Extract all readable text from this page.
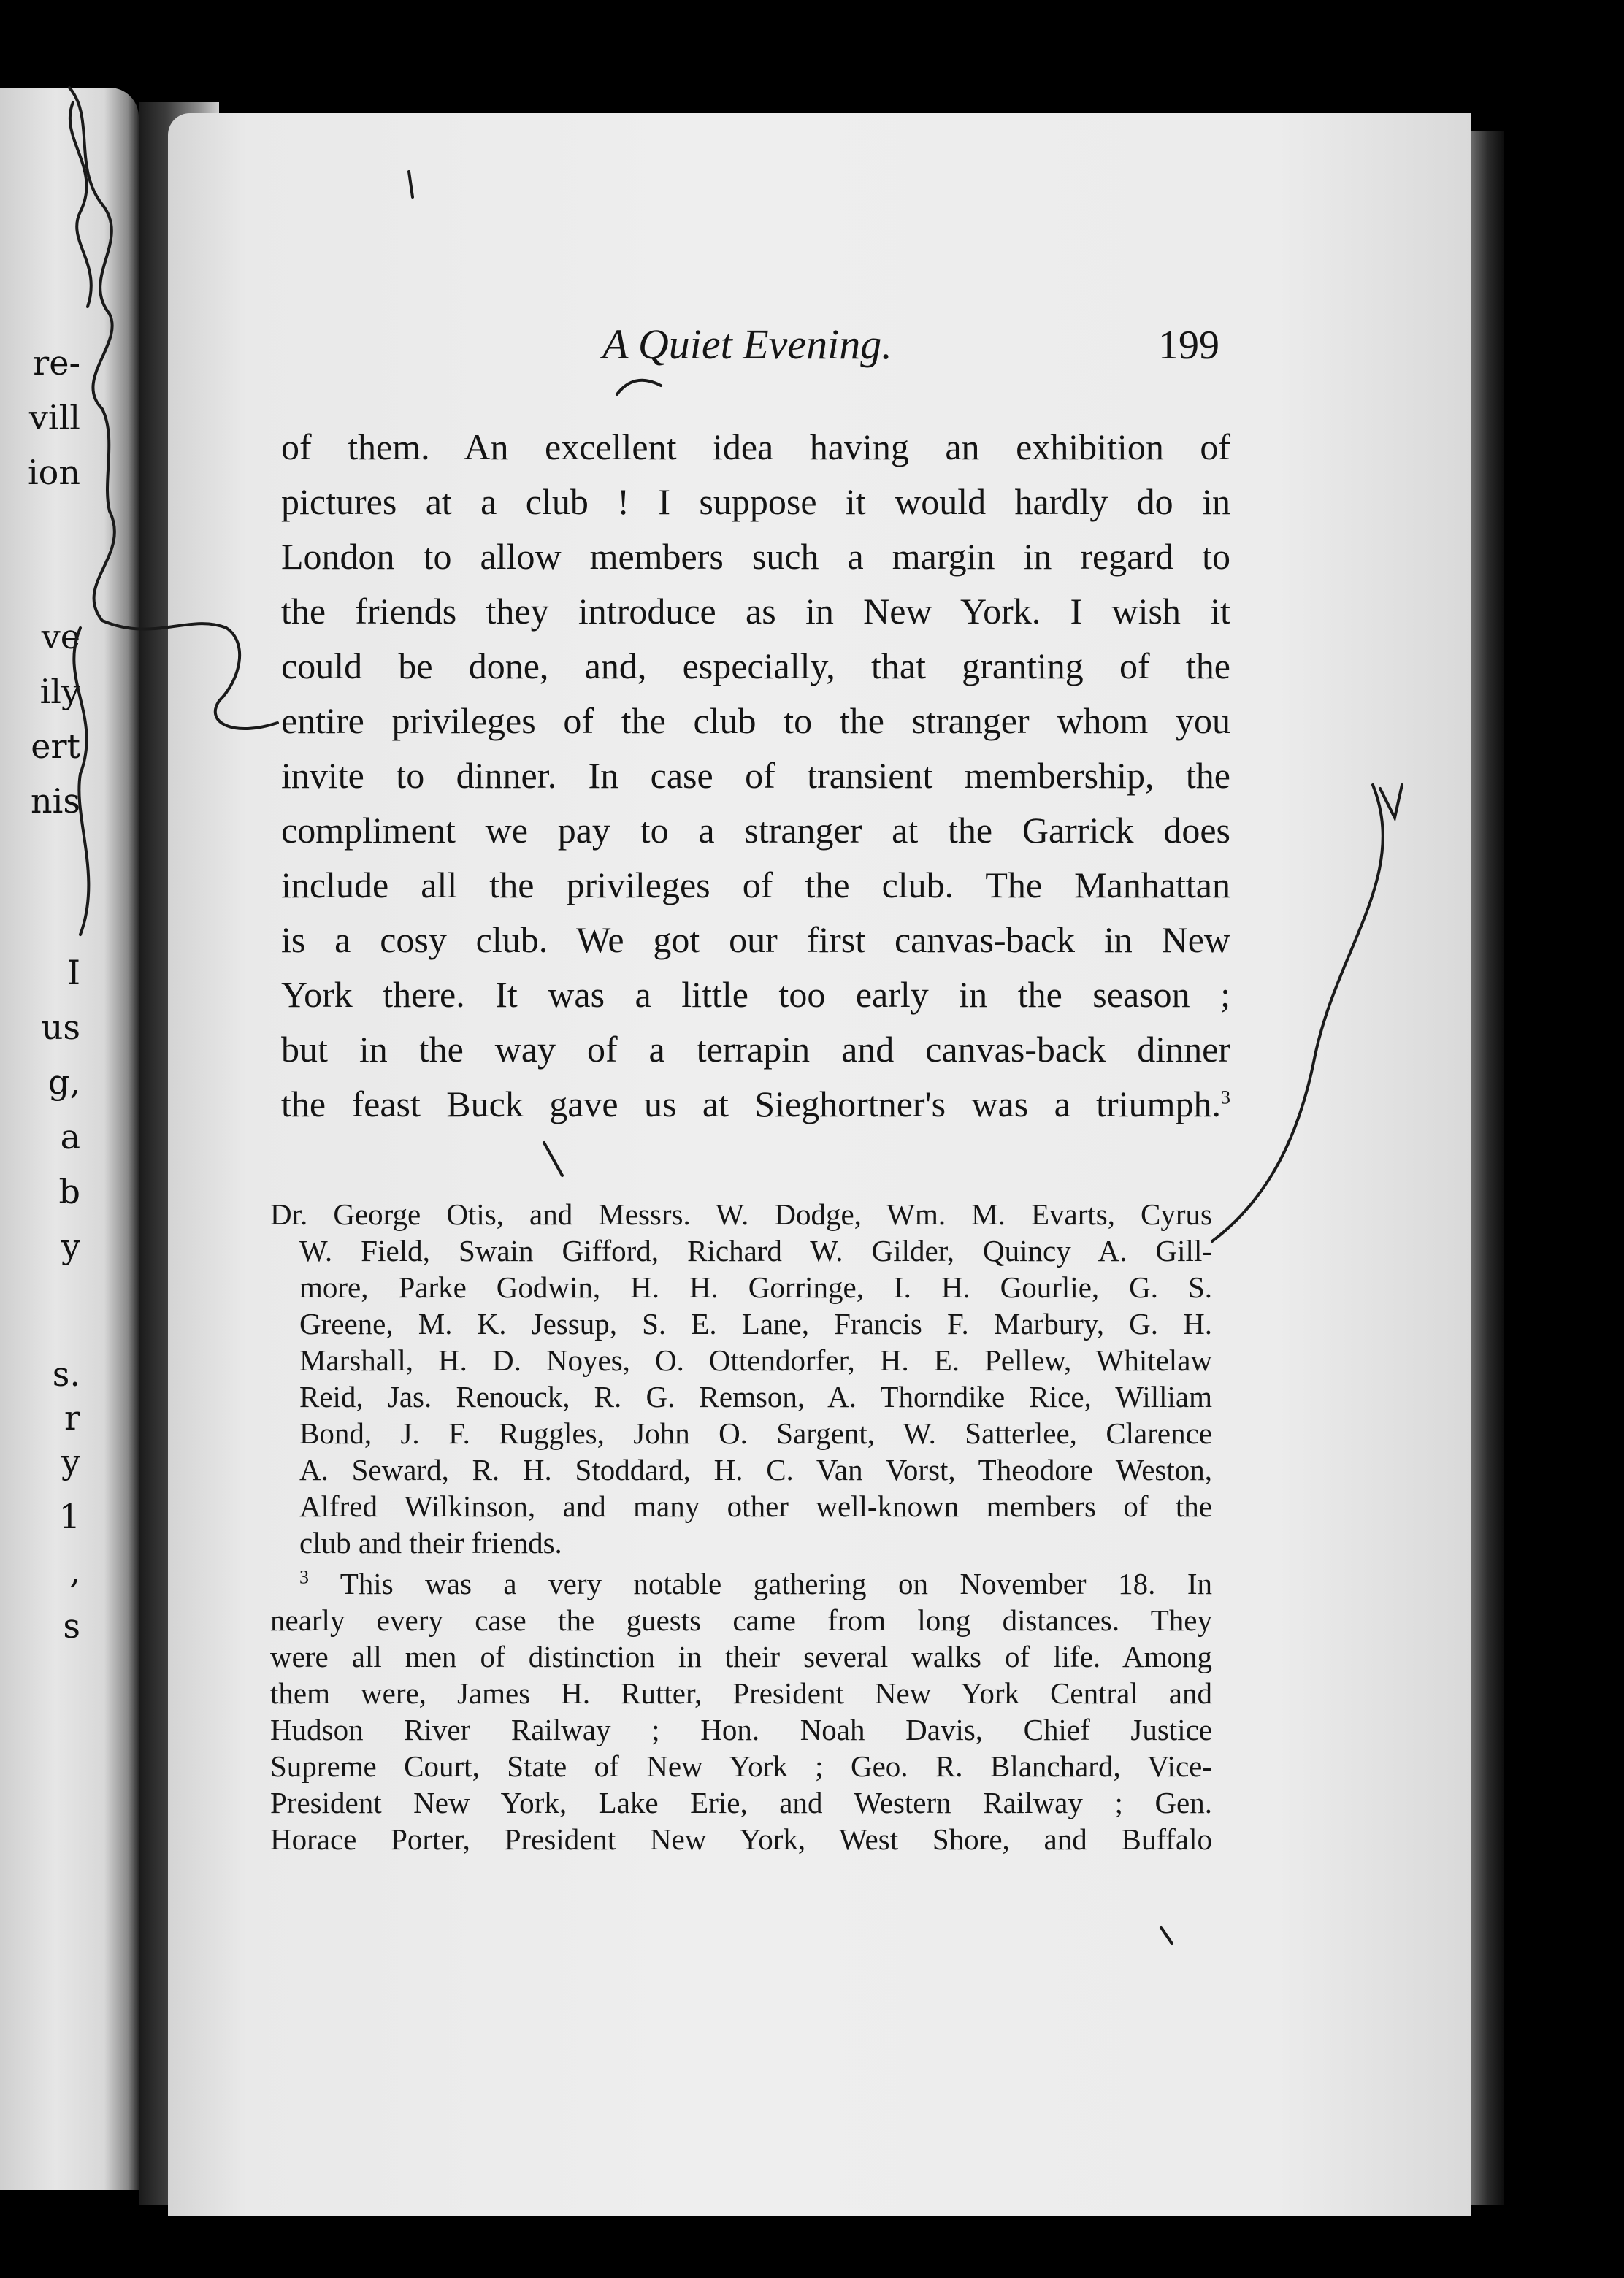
re-
vill
ion
ve
ily
ert
nis
I
us
g,
a
b
y
s.
r
y
1
,
s
A Quiet Evening.	199
of them. An excellent idea having an exhibition of
pictures at a club ! I suppose it would hardly do in
London to allow members such a margin in regard to
the friends they introduce as in New York. I wish it
could be done, and, especially, that granting of the
entire privileges of the club to the stranger whom you
invite to dinner. In case of transient membership, the
compliment we pay to a stranger at the Garrick does
include all the privileges of the club. The Manhattan
is a cosy club. We got our first canvas-back in New
York there. It was a little too early in the season ;
but in the way of a terrapin and canvas-back dinner
the feast Buck gave us at Sieghortner's was a triumph.$^3$
Dr. George Otis, and Messrs. W. Dodge, Wm. M. Evarts, Cyrus
W. Field, Swain Gifford, Richard W. Gilder, Quincy A. Gill-
more, Parke Godwin, H. H. Gorringe, I. H. Gourlie, G. S.
Greene, M. K. Jessup, S. E. Lane, Francis F. Marbury, G. H.
Marshall, H. D. Noyes, O. Ottendorfer, H. E. Pellew, Whitelaw
Reid, Jas. Renouck, R. G. Remson, A. Thorndike Rice, William
Bond, J. F. Ruggles, John O. Sargent, W. Satterlee, Clarence
A. Seward, R. H. Stoddard, H. C. Van Vorst, Theodore Weston,
Alfred Wilkinson, and many other well-known members of the
club and their friends.
$^3$ This was a very notable gathering on November 18. In
nearly every case the guests came from long distances. They
were all men of distinction in their several walks of life. Among
them were, James H. Rutter, President New York Central and
Hudson River Railway ; Hon. Noah Davis, Chief Justice
Supreme Court, State of New York ; Geo. R. Blanchard, Vice-
President New York, Lake Erie, and Western Railway ; Gen.
Horace Porter, President New York, West Shore, and Buffalo
